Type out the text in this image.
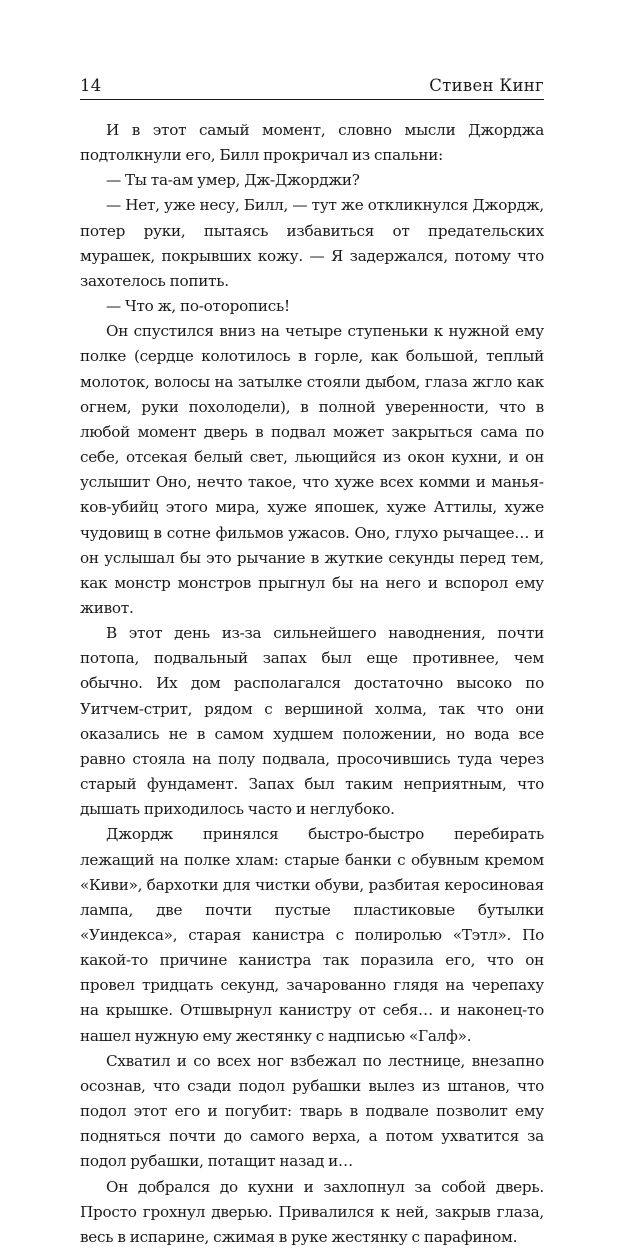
14	Стивен Кинг

И в этот самый момент, словно мысли Джорджа подтолкнули его, Билл прокричал из спальни:

— Ты та-ам умер, Дж-Джорджи?

— Нет, уже несу, Билл, — тут же откликнулся Джордж, потер руки, пытаясь избавиться от предательских мурашек, покрывших кожу. — Я задержался, потому что захотелось попить.

— Что ж, по-оторопись!

Он спустился вниз на четыре ступеньки к нужной ему полке (сердце колотилось в горле, как большой, теплый молоток, волосы на затылке стояли дыбом, глаза жгло как огнем, руки похолодели), в полной уверенности, что в любой момент дверь в подвал может закрыться сама по себе, отсекая белый свет, льющийся из окон кухни, и он услышит Оно, нечто такое, что хуже всех комми и маньяков-убийц этого мира, хуже япошек, хуже Аттилы, хуже чудовищ в сотне фильмов ужасов. Оно, глухо рычащее… и он услышал бы это рычание в жуткие секунды перед тем, как монстр монстров прыгнул бы на него и вспорол ему живот.

В этот день из-за сильнейшего наводнения, почти потопа, подвальный запах был еще противнее, чем обычно. Их дом располагался достаточно высоко по Уитчем-стрит, рядом с вершиной холма, так что они оказались не в самом худшем положении, но вода все равно стояла на полу подвала, просочившись туда через старый фундамент. Запах был таким неприятным, что дышать приходилось часто и неглубоко.

Джордж принялся быстро-быстро перебирать лежащий на полке хлам: старые банки с обувным кремом «Киви», бархотки для чистки обуви, разбитая керосиновая лампа, две почти пустые пластиковые бутылки «Уиндекса», старая канистра с полиролью «Тэтл». По какой-то причине канистра так поразила его, что он провел тридцать секунд, зачарованно глядя на черепаху на крышке. Отшвырнул канистру от себя… и наконец-то нашел нужную ему жестянку с надписью «Галф».

Схватил и со всех ног взбежал по лестнице, внезапно осознав, что сзади подол рубашки вылез из штанов, что подол этот его и погубит: тварь в подвале позволит ему подняться почти до самого верха, а потом ухватится за подол рубашки, потащит назад и…

Он добрался до кухни и захлопнул за собой дверь. Просто грохнул дверью. Привалился к ней, закрыв глаза, весь в испарине, сжимая в руке жестянку с парафином.
